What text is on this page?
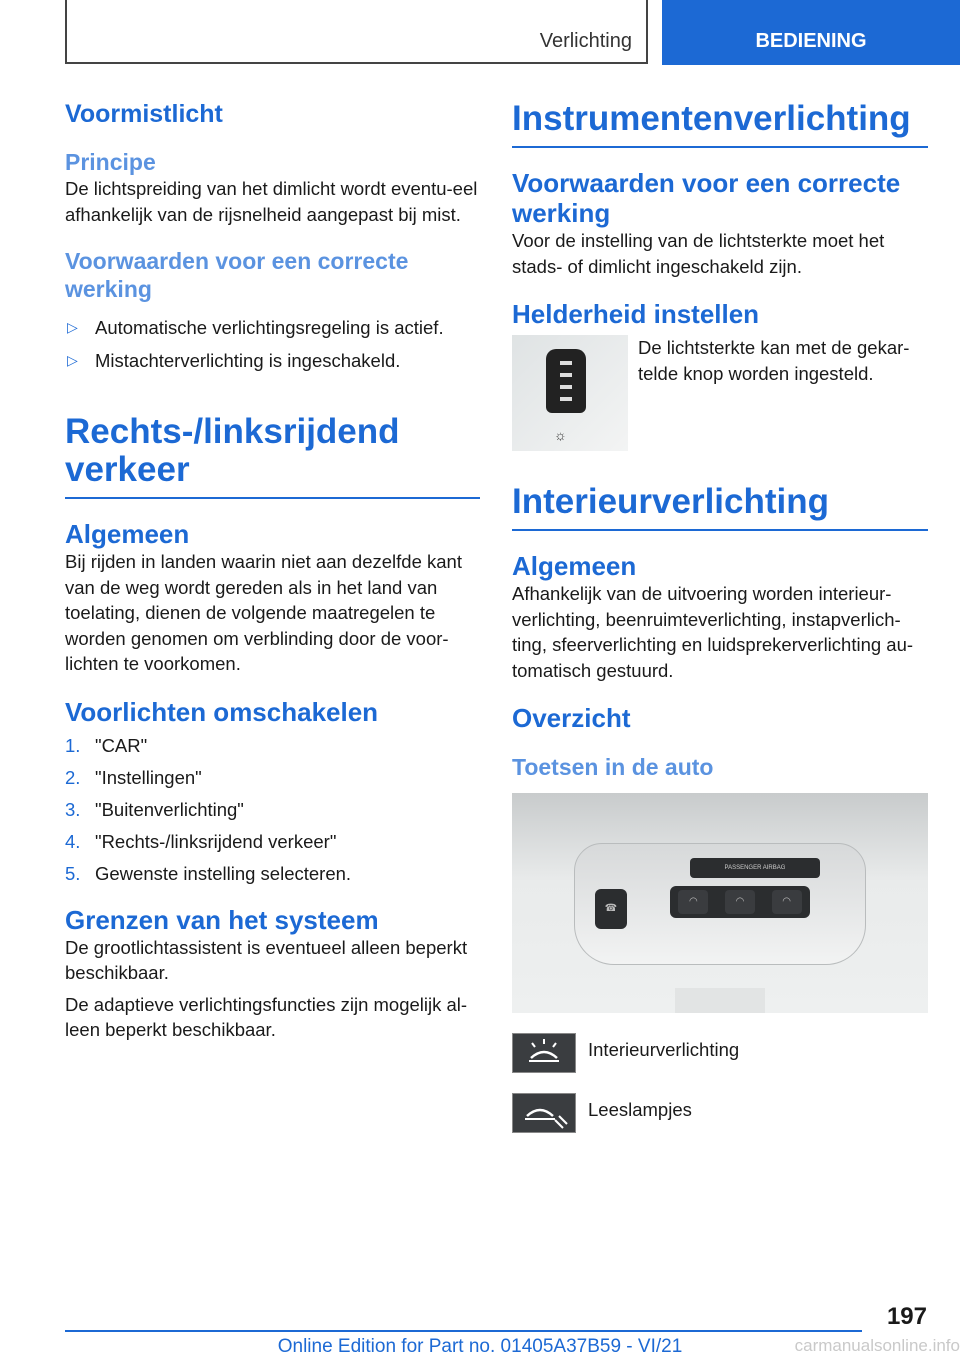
Verlichting	BEDIENING
Voormistlicht
Principe

De lichtspreiding van het dimlicht wordt eventu-eel afhankelijk van de rijsnelheid aangepast bij mist.

Voorwaarden voor een correcte werking
▷ Automatische verlichtingsregeling is actief.
▷ Mistachterverlichting is ingeschakeld.
Rechts-/linksrijdend verkeer
Algemeen

Bij rijden in landen waarin niet aan dezelfde kant van de weg wordt gereden als in het land van toelating, dienen de volgende maatregelen te worden genomen om verblinding door de voor-lichten te voorkomen.

Voorlichten omschakelen
1. "CAR"
2. "Instellingen"
3. "Buitenverlichting"
4. "Rechts-/linksrijdend verkeer"
5. Gewenste instelling selecteren.
Grenzen van het systeem

De grootlichtassistent is eventueel alleen beperkt beschikbaar.

De adaptieve verlichtingsfuncties zijn mogelijk al-leen beperkt beschikbaar.

Instrumentenverlichting
Voorwaarden voor een correcte werking

Voor de instelling van de lichtsterkte moet het stads- of dimlicht ingeschakeld zijn.

Helderheid instellen
☼

De lichtsterkte kan met de gekar-telde knop worden ingesteld.

Interieurverlichting
Algemeen

Afhankelijk van de uitvoering worden interieur-verlichting, beenruimteverlichting, instapverlich-ting, sfeerverlichting en luidsprekerverlichting au-tomatisch gestuurd.

Overzicht
Toetsen in de auto
PASSENGER AIRBAG
◠	◠	◠
☎
Interieurverlichting
Leeslampjes
197
Online Edition for Part no. 01405A37B59 - VI/21	carmanualsonline.info
